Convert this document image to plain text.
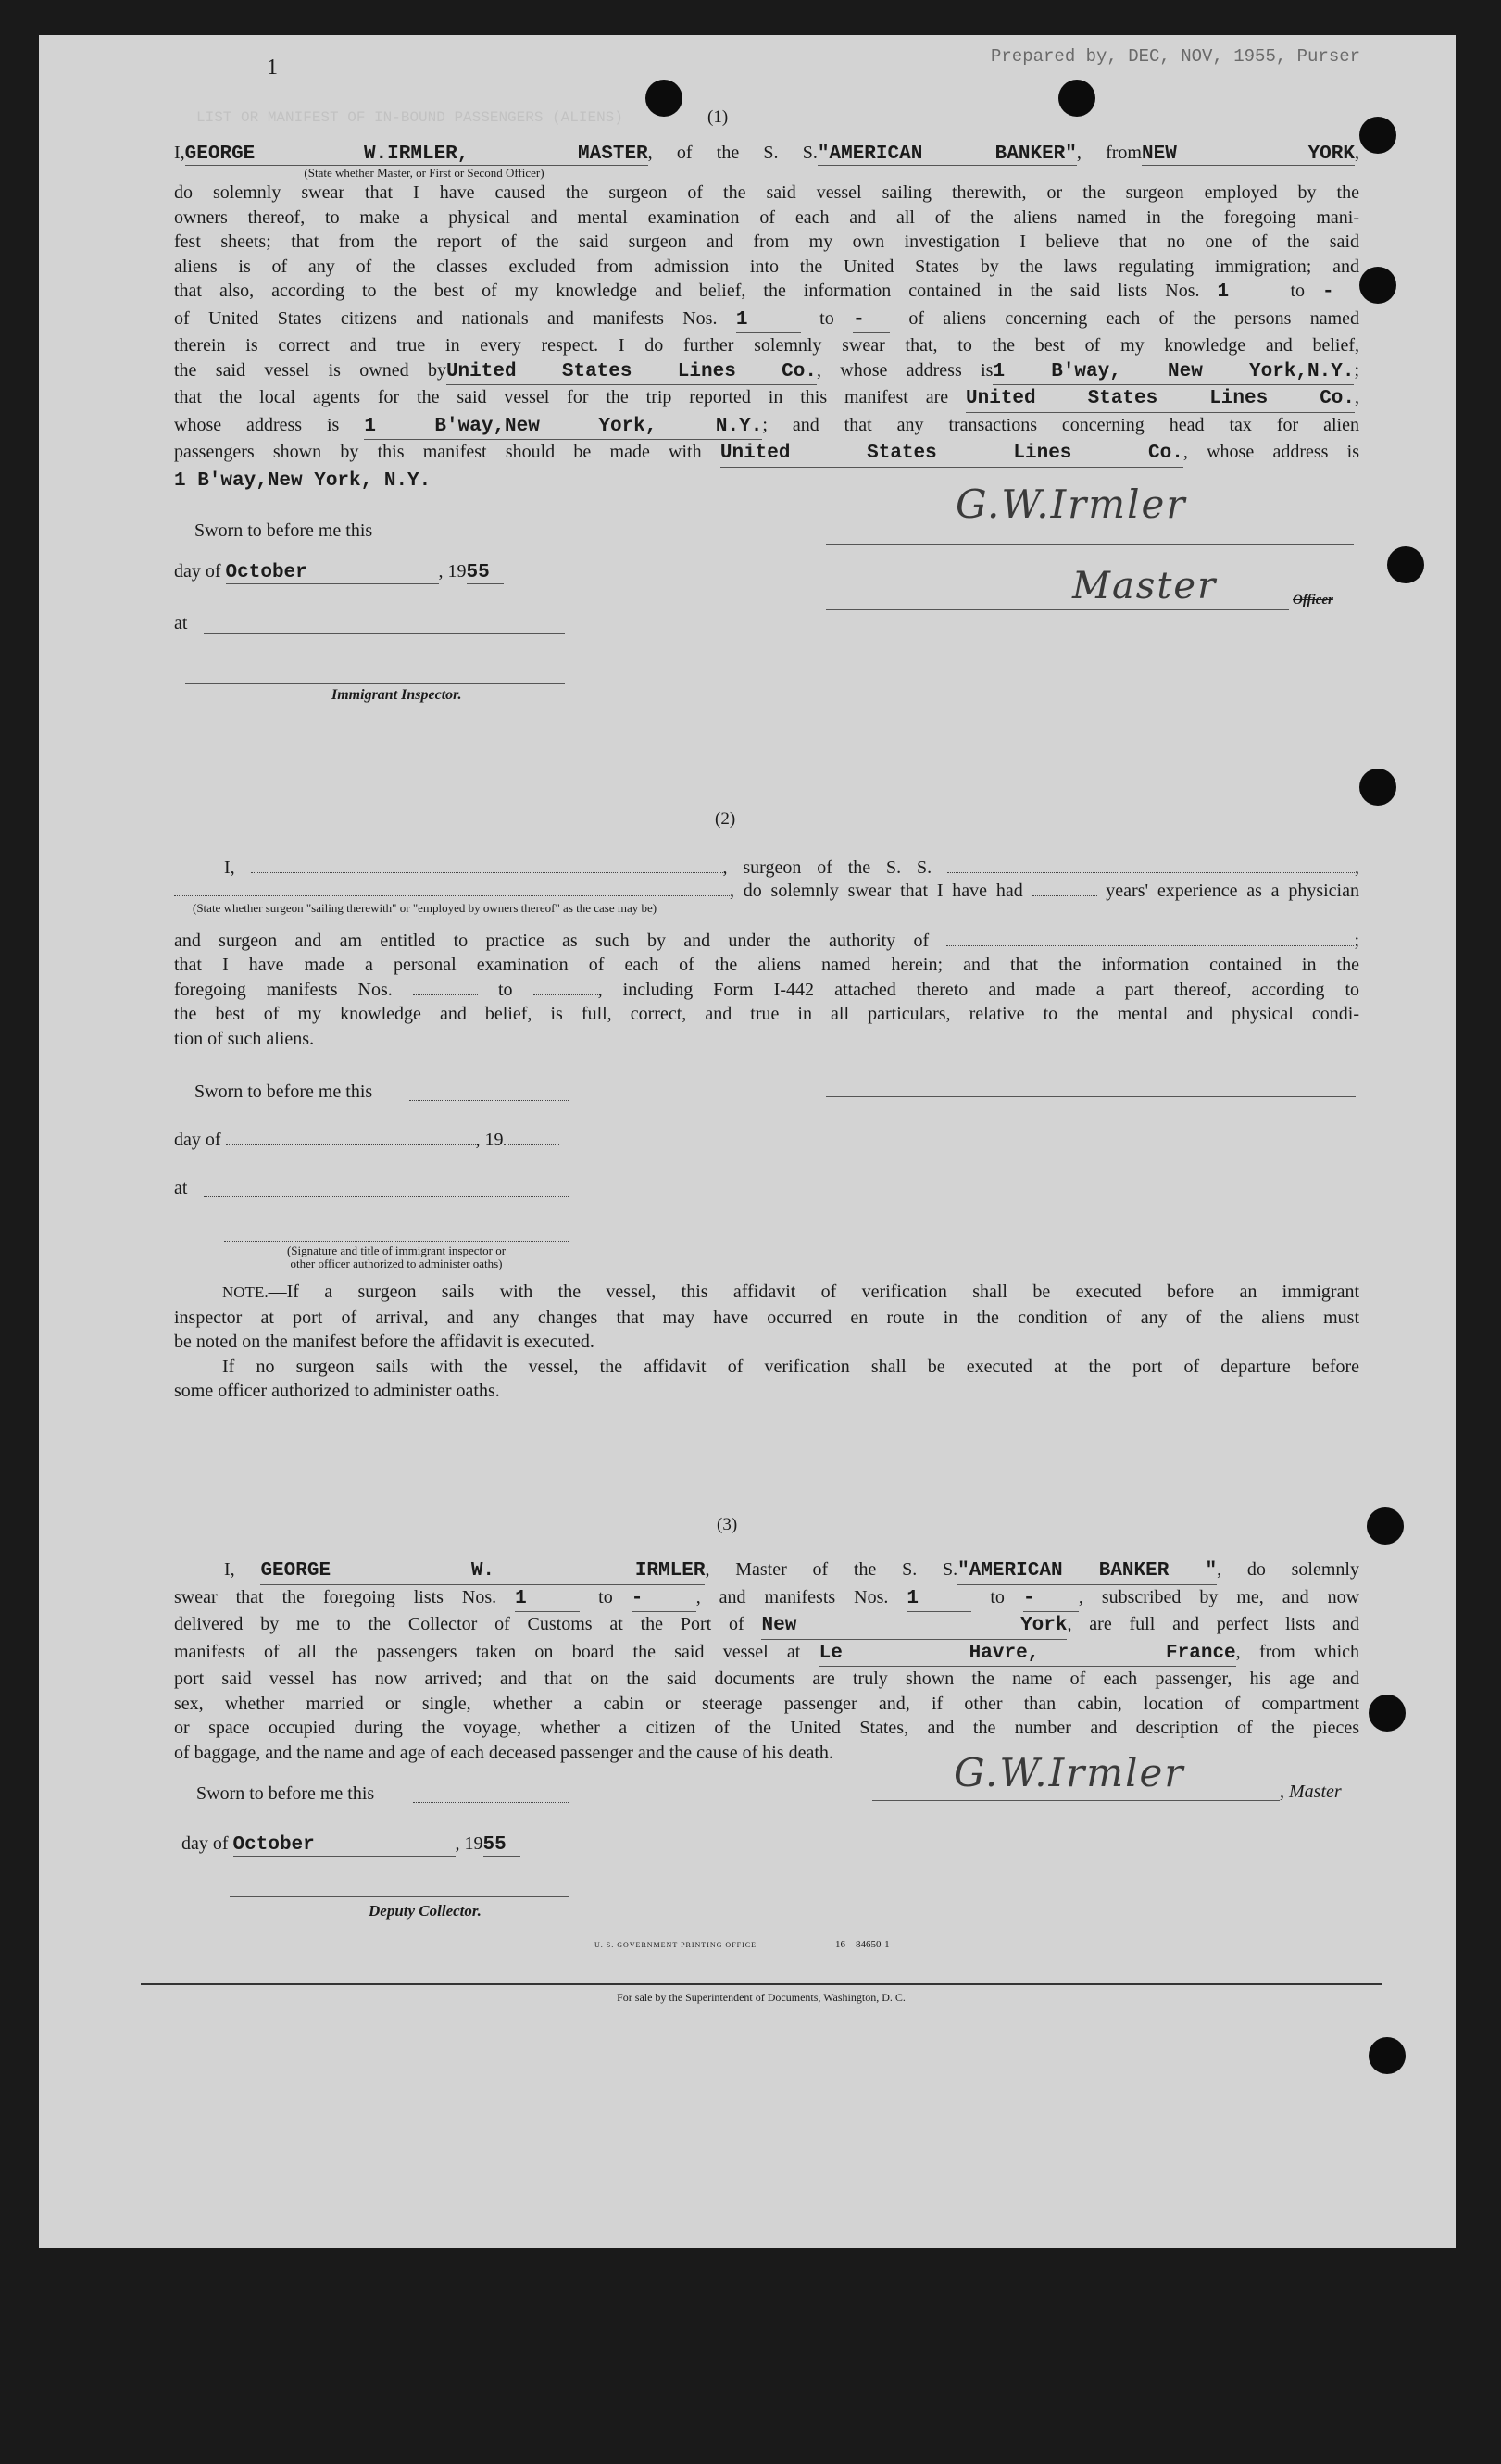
1	Prepared by, DEC, NOV, 1955, Purser
LIST OR MANIFEST OF IN-BOUND PASSENGERS (ALIENS)	(1)
I,GEORGE W.IRMLER, MASTER, of the S. S."AMERICAN BANKER", fromNEW YORK,
(State whether Master, or First or Second Officer)
do solemnly swear that I have caused the surgeon of the said vessel sailing therewith, or the surgeon employed by the
owners thereof, to make a physical and mental examination of each and all of the aliens named in the foregoing mani-
fest sheets; that from the report of the said surgeon and from my own investigation I believe that no one of the said
aliens is of any of the classes excluded from admission into the United States by the laws regulating immigration; and
that also, according to the best of my knowledge and belief, the information contained in the said lists Nos. 1	to -
of United States citizens and nationals and manifests Nos. 1	to - of aliens concerning each of the persons named
therein is correct and true in every respect. I do further solemnly swear that, to the best of my knowledge and belief,
the said vessel is owned byUnited States Lines Co., whose address is1 B'way, New York,N.Y.;
that the local agents for the said vessel for the trip reported in this manifest are United States Lines Co.,
whose address is 1 B'way,New York, N.Y.; and that any transactions concerning head tax for alien
passengers shown by this manifest should be made with United States Lines Co., whose address is
1 B'way,New York, N.Y.
Sworn to before me this
day of October	, 1955
at
Immigrant Inspector.
G.W.Irmler
Master	Officer
(2)
I,	, surgeon of the S. S.	,
, do solemnly swear that I have had	years' experience as a physician
(State whether surgeon "sailing therewith" or "employed by owners thereof" as the case may be)
and surgeon and am entitled to practice as such by and under the authority of	;
that I have made a personal examination of each of the aliens named herein; and that the information contained in the
foregoing manifests Nos.	to	, including Form I-442 attached thereto and made a part thereof, according to
the best of my knowledge and belief, is full, correct, and true in all particulars, relative to the mental and physical condi-
tion of such aliens.
Sworn to before me this
day of	, 19
at
(Signature and title of immigrant inspector or
other officer authorized to administer oaths)
NOTE.—If a surgeon sails with the vessel, this affidavit of verification shall be executed before an immigrant
inspector at port of arrival, and any changes that may have occurred en route in the condition of any of the aliens must
be noted on the manifest before the affidavit is executed.
If no surgeon sails with the vessel, the affidavit of verification shall be executed at the port of departure before
some officer authorized to administer oaths.
(3)
I, GEORGE W. IRMLER, Master of the S. S."AMERICAN BANKER ", do solemnly
swear that the foregoing lists Nos. 1	to -	, and manifests Nos. 1	to - , subscribed by me, and now
delivered by me to the Collector of Customs at the Port of New York, are full and perfect lists and
manifests of all the passengers taken on board the said vessel at Le Havre, France, from which
port said vessel has now arrived; and that on the said documents are truly shown the name of each passenger, his age and
sex, whether married or single, whether a cabin or steerage passenger and, if other than cabin, location of compartment
or space occupied during the voyage, whether a citizen of the United States, and the number and description of the pieces
of baggage, and the name and age of each deceased passenger and the cause of his death.
Sworn to before me this
day of October	, 1955
Deputy Collector.
G.W.Irmler	, Master
U. S. GOVERNMENT PRINTING OFFICE	16—84650-1
For sale by the Superintendent of Documents, Washington, D. C.
